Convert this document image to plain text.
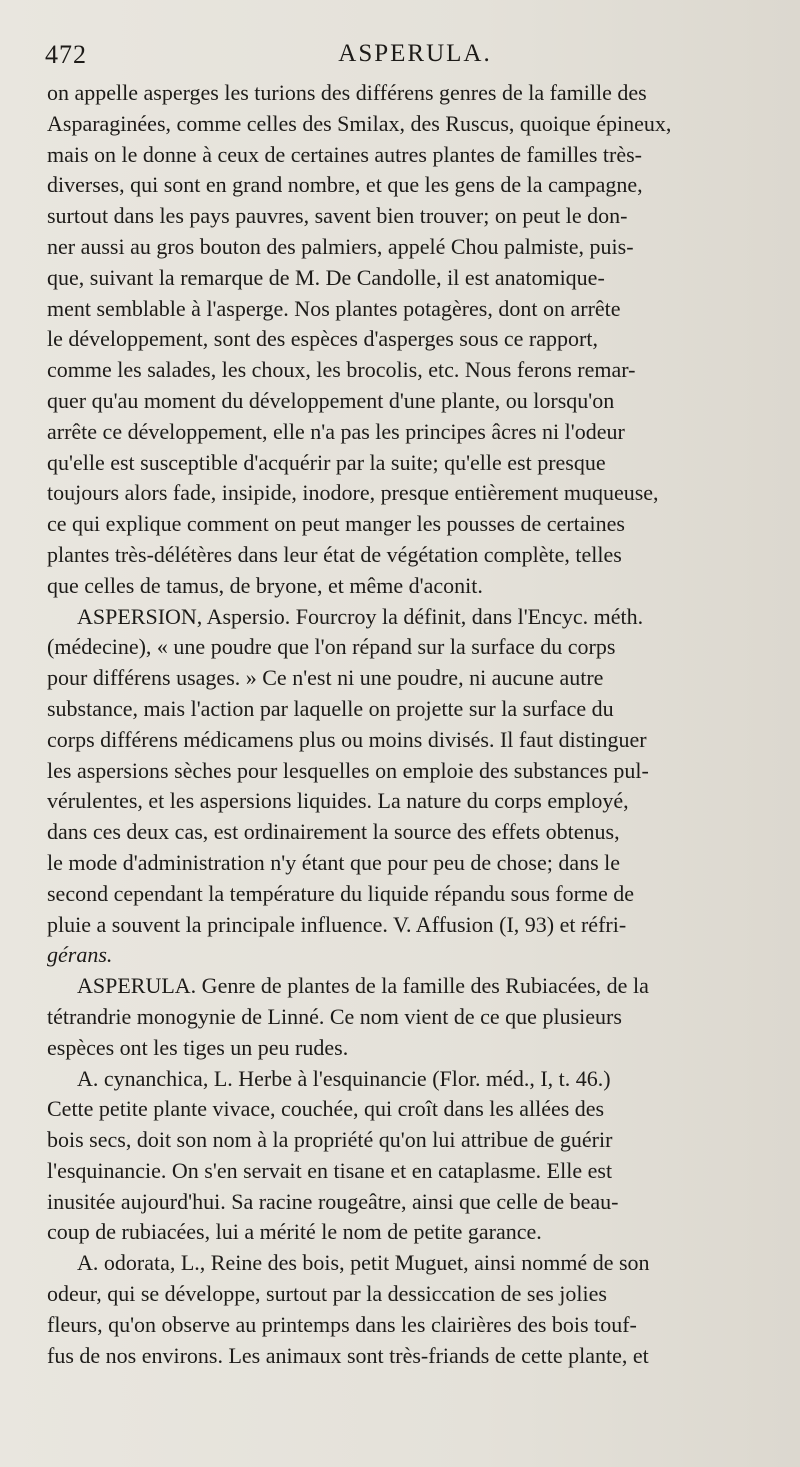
472	ASPERULA.
on appelle asperges les turions des différens genres de la famille des
Asparaginées, comme celles des Smilax, des Ruscus, quoique épineux,
mais on le donne à ceux de certaines autres plantes de familles très-
diverses, qui sont en grand nombre, et que les gens de la campagne,
surtout dans les pays pauvres, savent bien trouver; on peut le don-
ner aussi au gros bouton des palmiers, appelé Chou palmiste, puis-
que, suivant la remarque de M. De Candolle, il est anatomique-
ment semblable à l'asperge. Nos plantes potagères, dont on arrête
le développement, sont des espèces d'asperges sous ce rapport,
comme les salades, les choux, les brocolis, etc. Nous ferons remar-
quer qu'au moment du développement d'une plante, ou lorsqu'on
arrête ce développement, elle n'a pas les principes âcres ni l'odeur
qu'elle est susceptible d'acquérir par la suite; qu'elle est presque
toujours alors fade, insipide, inodore, presque entièrement muqueuse,
ce qui explique comment on peut manger les pousses de certaines
plantes très-délétères dans leur état de végétation complète, telles
que celles de tamus, de bryone, et même d'aconit.
ASPERSION, Aspersio. Fourcroy la définit, dans l'Encyc. méth.
(médecine), « une poudre que l'on répand sur la surface du corps
pour différens usages. » Ce n'est ni une poudre, ni aucune autre
substance, mais l'action par laquelle on projette sur la surface du
corps différens médicamens plus ou moins divisés. Il faut distinguer
les aspersions sèches pour lesquelles on emploie des substances pul-
vérulentes, et les aspersions liquides. La nature du corps employé,
dans ces deux cas, est ordinairement la source des effets obtenus,
le mode d'administration n'y étant que pour peu de chose; dans le
second cependant la température du liquide répandu sous forme de
pluie a souvent la principale influence. V. Affusion (I, 93) et réfri-
gérans.
ASPERULA. Genre de plantes de la famille des Rubiacées, de la
tétrandrie monogynie de Linné. Ce nom vient de ce que plusieurs
espèces ont les tiges un peu rudes.
A. cynanchica, L. Herbe à l'esquinancie (Flor. méd., I, t. 46.)
Cette petite plante vivace, couchée, qui croît dans les allées des
bois secs, doit son nom à la propriété qu'on lui attribue de guérir
l'esquinancie. On s'en servait en tisane et en cataplasme. Elle est
inusitée aujourd'hui. Sa racine rougeâtre, ainsi que celle de beau-
coup de rubiacées, lui a mérité le nom de petite garance.
A. odorata, L., Reine des bois, petit Muguet, ainsi nommé de son
odeur, qui se développe, surtout par la dessiccation de ses jolies
fleurs, qu'on observe au printemps dans les clairières des bois touf-
fus de nos environs. Les animaux sont très-friands de cette plante, et
